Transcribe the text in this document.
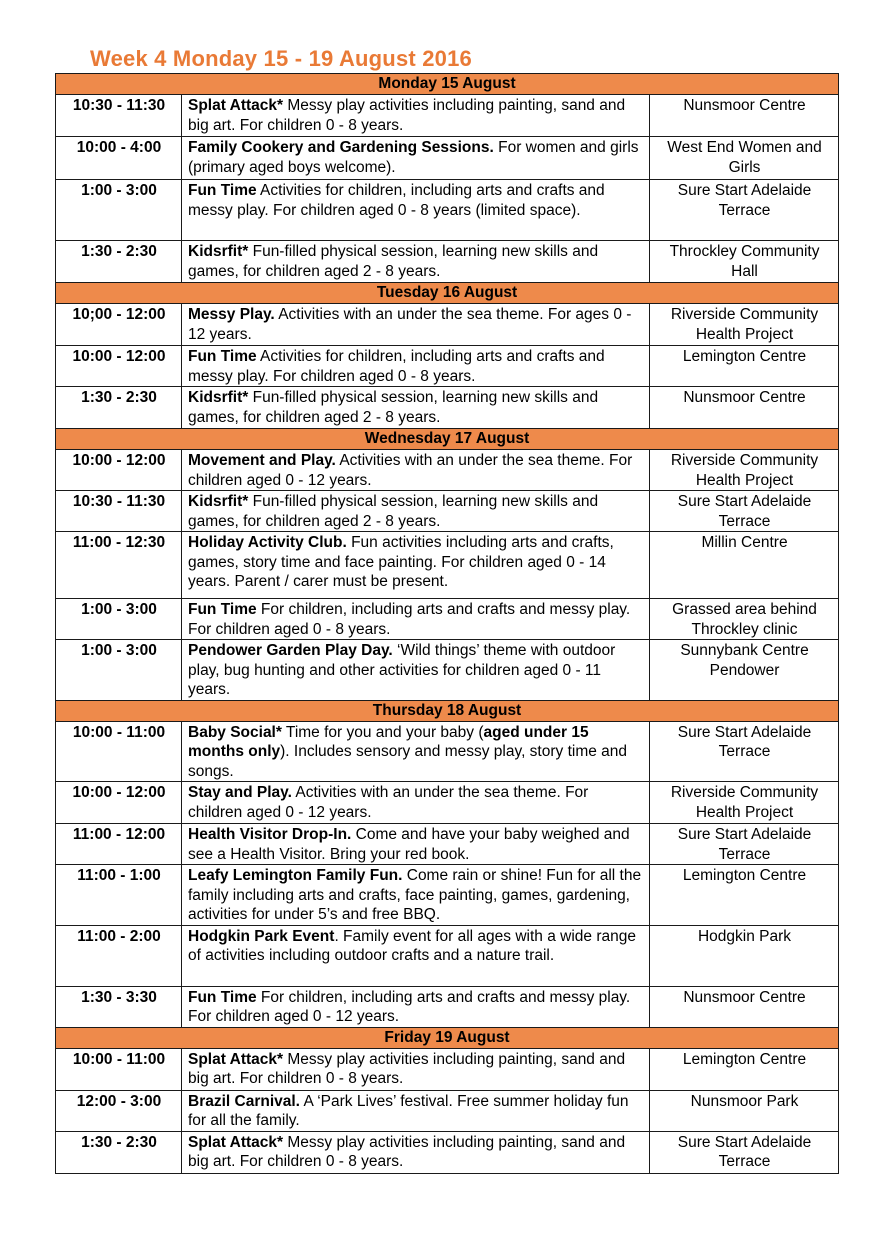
Week 4 Monday 15 - 19 August 2016
Monday 15 August		
10:30 - 11:30	Splat Attack* Messy play activities including painting, sand and big art. For children 0 - 8 years.	Nunsmoor Centre
10:00 - 4:00	Family Cookery and Gardening Sessions. For women and girls (primary aged boys welcome).	West End Women and Girls
1:00 - 3:00	Fun Time Activities for children, including arts and crafts and messy play. For children aged 0 - 8 years (limited space).	Sure Start Adelaide Terrace
1:30 - 2:30	Kidsrfit* Fun-filled physical session, learning new skills and games, for children aged 2 - 8 years.	Throckley Community Hall
Tuesday 16 August		
10;00 - 12:00	Messy Play. Activities with an under the sea theme. For ages 0 - 12 years.	Riverside Community Health Project
10:00 - 12:00	Fun Time Activities for children, including arts and crafts and messy play. For children aged 0 - 8 years.	Lemington Centre
1:30 - 2:30	Kidsrfit* Fun-filled physical session, learning new skills and games, for children aged 2 - 8 years.	Nunsmoor Centre
Wednesday 17 August		
10:00 - 12:00	Movement and Play. Activities with an under the sea theme. For children aged 0 - 12 years.	Riverside Community Health Project
10:30 - 11:30	Kidsrfit* Fun-filled physical session, learning new skills and games, for children aged 2 - 8 years.	Sure Start Adelaide Terrace
11:00 - 12:30	Holiday Activity Club. Fun activities including arts and crafts, games, story time and face painting. For children aged 0 - 14 years. Parent / carer must be present.	Millin Centre
1:00 - 3:00	Fun Time For children, including arts and crafts and messy play. For children aged 0 - 8 years.	Grassed area behind Throckley clinic
1:00 - 3:00	Pendower Garden Play Day. ‘Wild things’ theme with outdoor play, bug hunting and other activities for children aged 0 - 11 years.	Sunnybank Centre Pendower
Thursday 18 August		
10:00 - 11:00	Baby Social* Time for you and your baby (aged under 15 months only). Includes sensory and messy play, story time and songs.	Sure Start Adelaide Terrace
10:00 - 12:00	Stay and Play. Activities with an under the sea theme. For children aged 0 - 12 years.	Riverside Community Health Project
11:00 - 12:00	Health Visitor Drop-In. Come and have your baby weighed and see a Health Visitor. Bring your red book.	Sure Start Adelaide Terrace
11:00 - 1:00	Leafy Lemington Family Fun. Come rain or shine! Fun for all the family including arts and crafts, face painting, games, gardening, activities for under 5’s and free BBQ.	Lemington Centre
11:00 - 2:00	Hodgkin Park Event. Family event for all ages with a wide range of activities including outdoor crafts and a nature trail.	Hodgkin Park
1:30 - 3:30	Fun Time For children, including arts and crafts and messy play. For children aged 0 - 12 years.	Nunsmoor Centre
Friday 19 August		
10:00 - 11:00	Splat Attack* Messy play activities including painting, sand and big art. For children 0 - 8 years.	Lemington Centre
12:00 - 3:00	Brazil Carnival. A ‘Park Lives’ festival. Free summer holiday fun for all the family.	Nunsmoor Park
1:30 - 2:30	Splat Attack* Messy play activities including painting, sand and big art. For children 0 - 8 years.	Sure Start Adelaide Terrace
